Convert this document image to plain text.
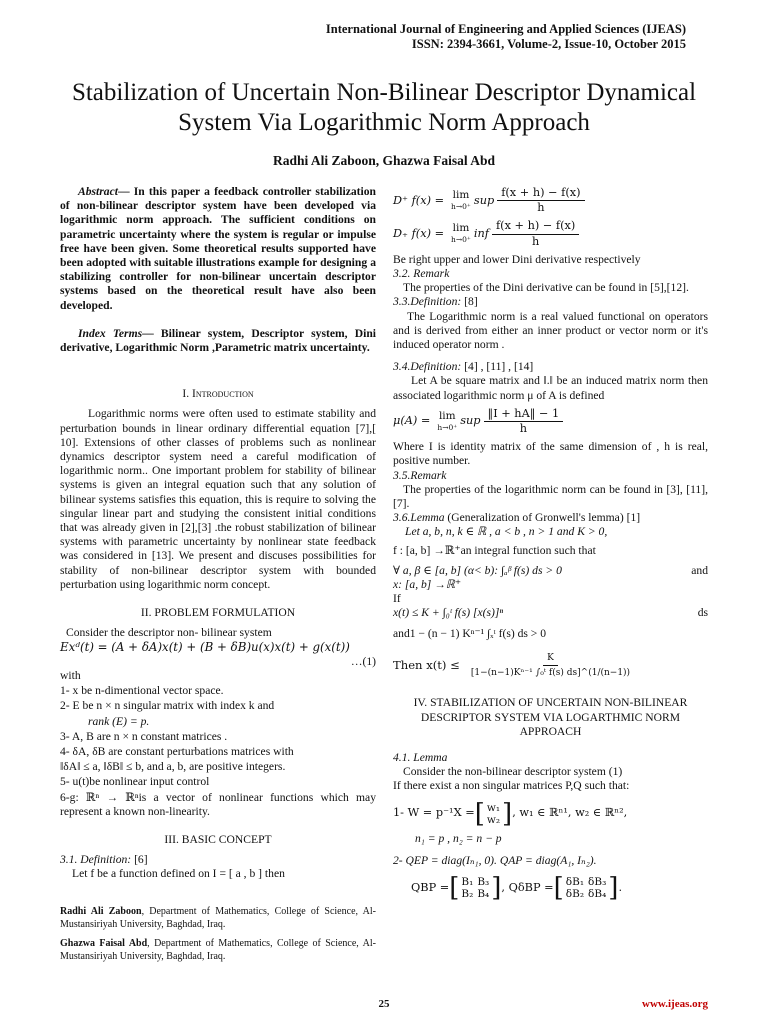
International Journal of Engineering and Applied Sciences (IJEAS)
ISSN: 2394-3661, Volume-2, Issue-10, October 2015
Stabilization of Uncertain Non-Bilinear Descriptor Dynamical System Via Logarithmic Norm Approach
Radhi Ali Zaboon, Ghazwa Faisal Abd

Abstract— In this paper a feedback controller stabilization of non-bilinear descriptor system have been developed via logarithmic norm approach. The sufficient conditions on parametric uncertainty where the system is regular or impulse free have been given. Some theoretical results supported have been adopted with suitable illustrations example for designing a stabilizing controller for non-bilinear uncertain descriptor systems based on the theoretical result have also been developed.

Index Terms— Bilinear system, Descriptor system, Dini derivative, Logarithmic Norm ,Parametric matrix uncertainty.

I. Introduction

Logarithmic norms were often used to estimate stability and perturbation bounds in linear ordinary differential equation [7],[ 10]. Extensions of other classes of problems such as nonlinear dynamics descriptor system need a careful modification of logarithmic norm.. One important problem for stability of bilinear systems is given an integral equation such that any solution of bilinear systems satisfies this equation, this is require to solving the singular linear part and studying the consistent initial conditions that was already given in [2],[3] .the robust stabilization of bilinear systems with parametric uncertainty by nonlinear state feedback was considered in [13]. We present and discuses possibilities for stability of non-bilinear descriptor system with bounded perturbation using logarithmic norm concept.

II. PROBLEM FORMULATION

Consider the descriptor non- bilinear system

Exᵈ(t) = (A + δA)x(t) + (B + δB)u(x)x(t) + g(x(t))
…(1)

with

1- x be n-dimentional vector space.
2- E be n × n singular matrix with index k and
rank (E) = p.
3- A, B are n × n constant matrices .
4- δA, δB are constant perturbations matrices with
‖δA‖ ≤ a, ‖δB‖ ≤ b, and a, b, are positive integers.
5- u(t)be nonlinear input control
6-g: ℝⁿ → ℝⁿis a vector of nonlinear functions which may represent a known non-linearity.
III. BASIC CONCEPT

3.1. Definition: [6]

Let f be a function defined on I = [ a , b ] then

Radhi Ali Zaboon, Department of Mathematics, College of Science, Al-Mustansiriyah University, Baghdad, Iraq.
Ghazwa Faisal Abd, Department of Mathematics, College of Science, Al-Mustansiriyah University, Baghdad, Iraq.
D⁺ f(x) = lim
h→0⁺ sup $\frac{f(x + h) - f(x)}{h}$
D₊ f(x) = lim
h→0⁺ inf $\frac{f(x + h) - f(x)}{h}$

Be right upper and lower Dini derivative respectively

3.2. Remark

The properties of the Dini derivative can be found in [5],[12].

3.3.Definition: [8]

The Logarithmic norm is a real valued functional on operators and is derived from either an inner product or vector norm or it's induced operator norm .

3.4.Definition: [4] , [11] , [14]

Let A be square matrix and ‖.‖ be an induced matrix norm then associated logarithmic norm μ of A is defined

μ(A) = lim
h→0⁺ sup $\frac{‖I + hA‖ - 1}{h}$

Where I is identity matrix of the same dimension of , h is real, positive number.

3.5.Remark

The properties of the logarithmic norm can be found in [3], [11], [7].

3.6.Lemma (Generalization of Gronwell's lemma) [1]

Let a, b, n, k ∈ ℝ , a < b , n > 1 and K > 0,

f : [a, b] →ℝ⁺an integral function such that

∀ a, β ∈ [a, b] (α< b): ∫ₐᵝ f(s) ds > 0	and

x: [a, b] →ℝ⁺

If

x(t) ≤ K + ∫₀ᵗ f(s) [x(s)]ⁿ	ds

and1 − (n − 1) Kⁿ⁻¹ ∫ₓᵗ f(s) ds > 0

Then $x(t) \le \frac{K}{\text{[1−(n−1)Kⁿ⁻¹ ∫₀ᵗ f(s) ds]\textasciicircum{}(1/(n−1))}}$
IV. STABILIZATION OF UNCERTAIN NON-BILINEAR DESCRIPTOR SYSTEM VIA LOGARTHMIC NORM APPROACH

4.1. Lemma

Consider the non-bilinear descriptor system (1)

If there exist a non singular matrices P,Q such that:

1- W = p⁻¹X = [ w₁
w₂ ] , w₁ ∈ ℝⁿ¹, w₂ ∈ ℝⁿ²,

n₁ = p , n₂ = n − p

2- QEP = diag(Iₙ₁, 0). QAP = diag(A₁, Iₙ₂).

QBP = [ B₁
B₂
B₃
B₄ ] , QδBP = [ δB₁
δB₂
δB₃
δB₄ ] .
25	www.ijeas.org
